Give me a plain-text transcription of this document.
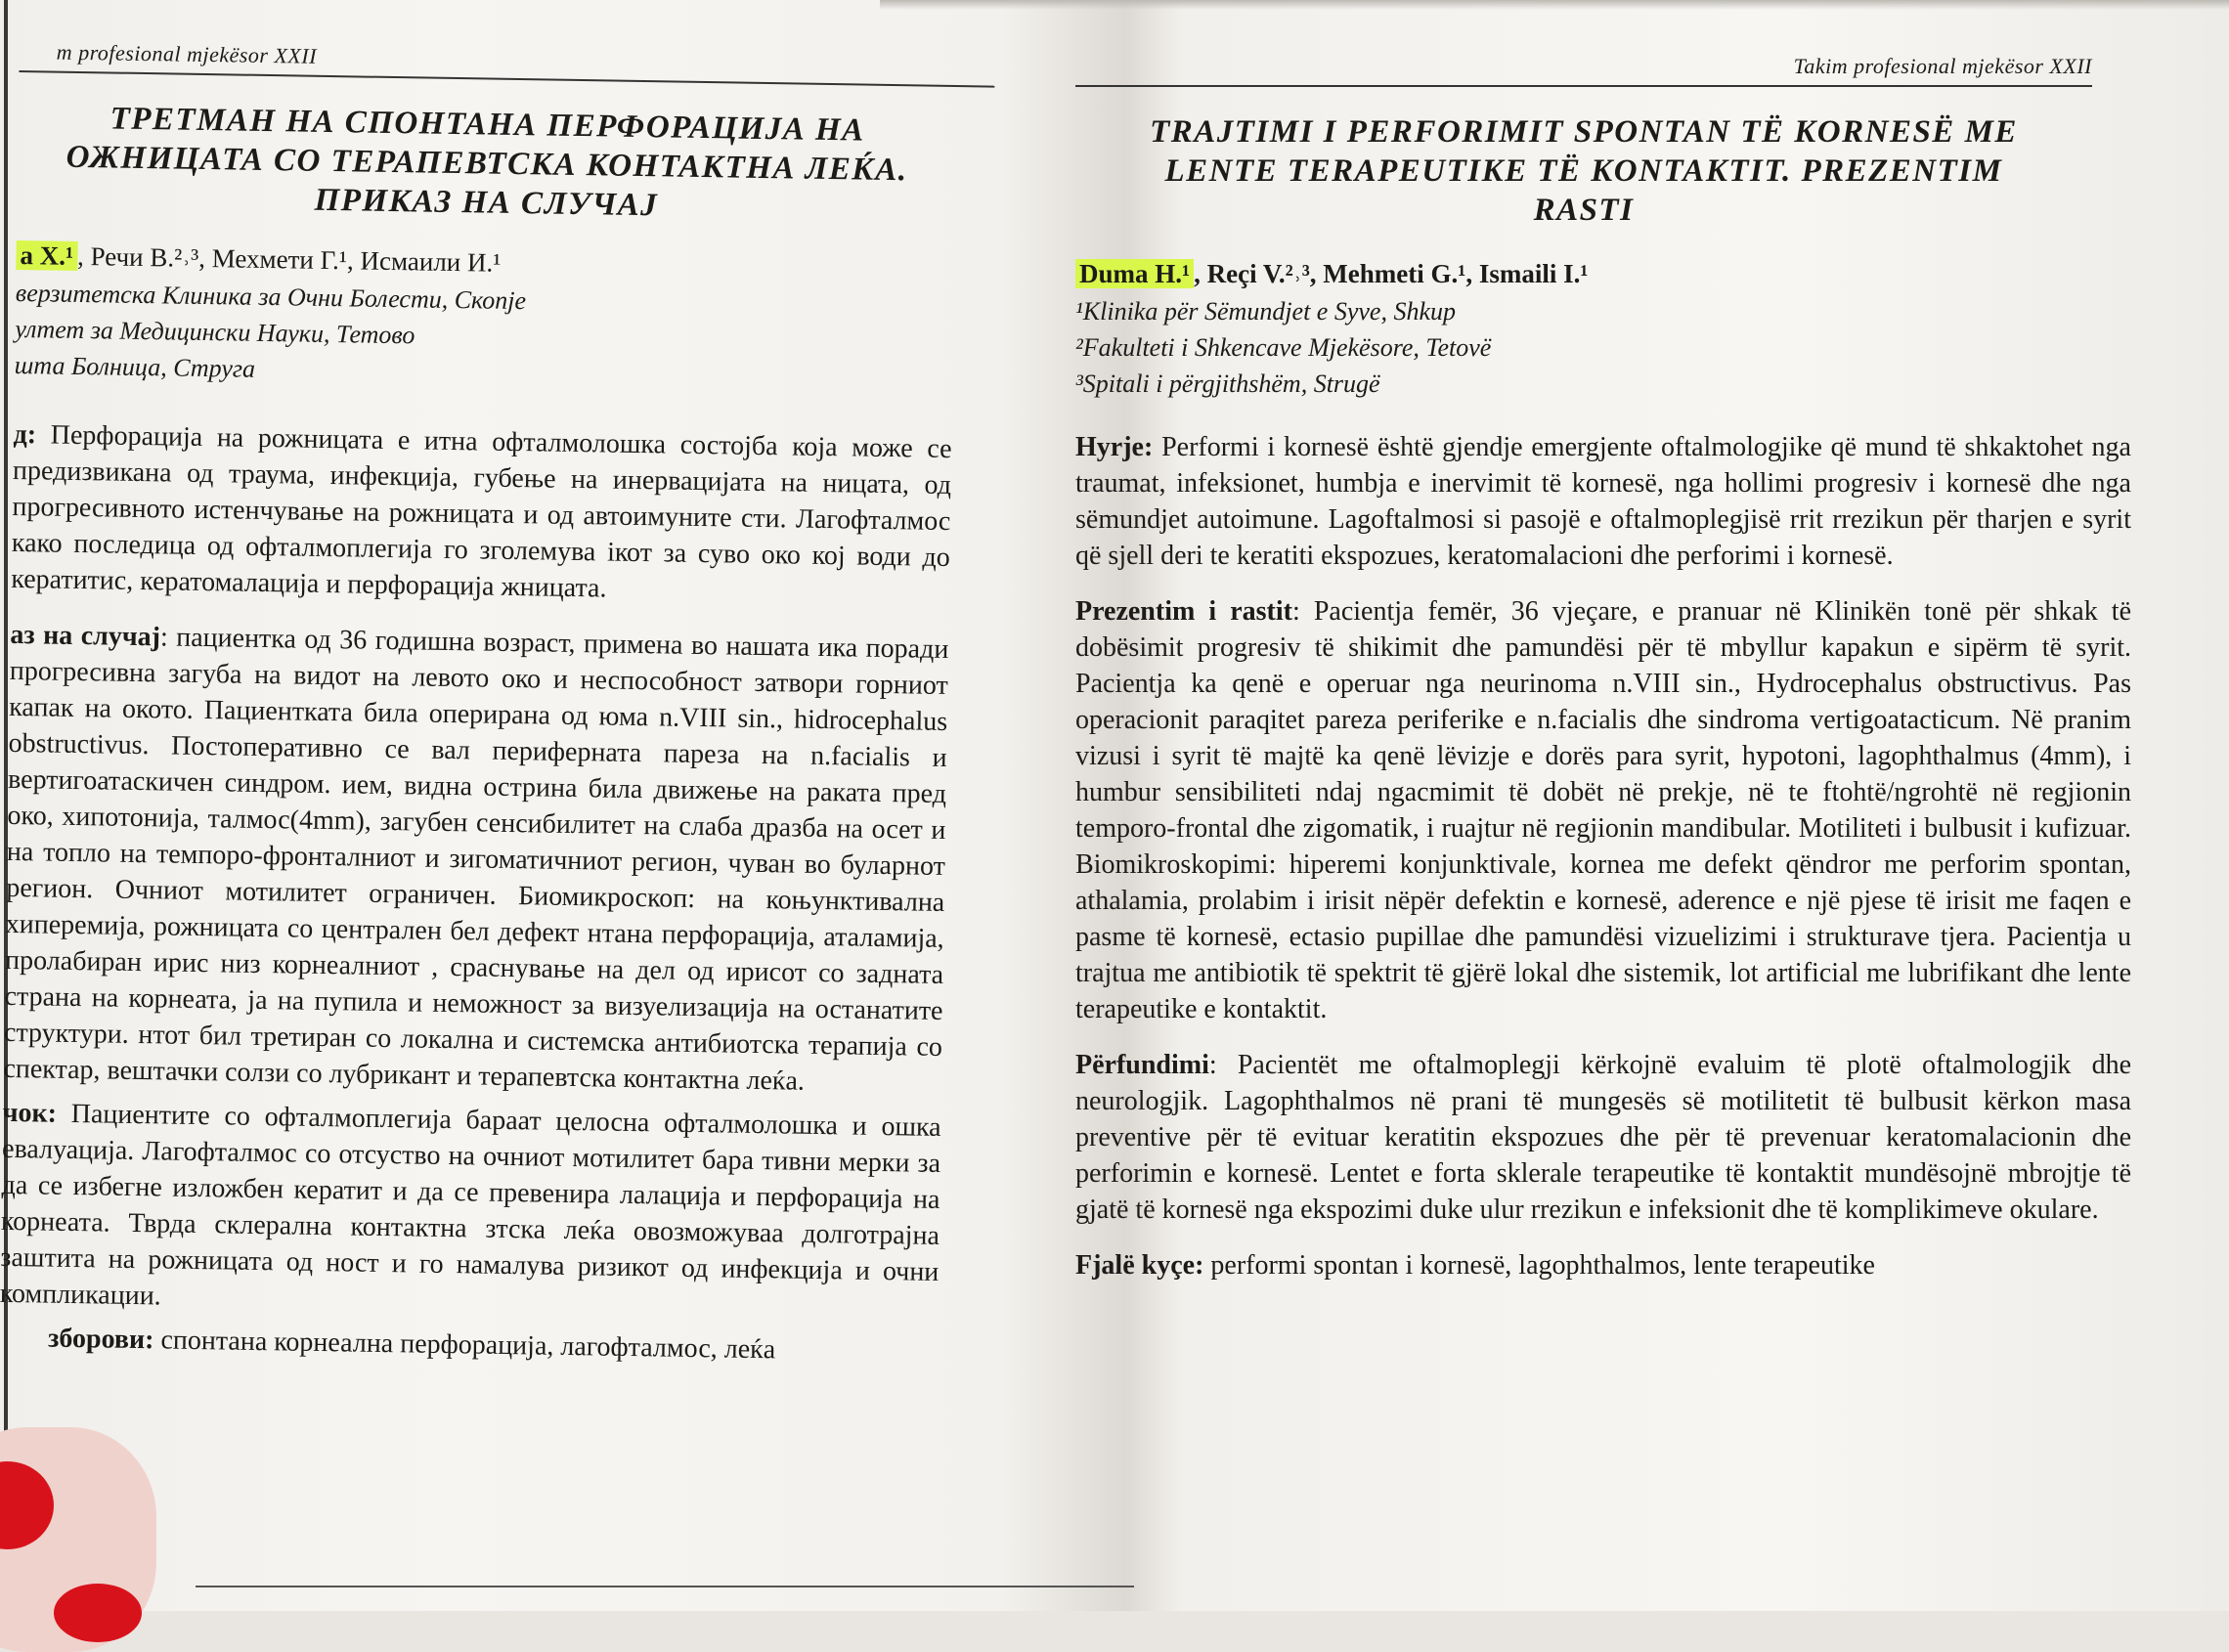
m profesional mjekësor XXII
ТРЕТМАН НА СПОНТАНА ПЕРФОРАЦИЈА НА
ОЖНИЦАТА СО ТЕРАПЕВТСКА КОНТАКТНА ЛЕЌА.
ПРИКАЗ НА СЛУЧАЈ
а Х.¹ , Речи В.²˒³, Мехмети Г.¹, Исмаили И.¹
верзитетска Клиника за Очни Болести, Скопје
ултет за Медицински Науки, Тетово
шта Болница, Струга
д: Перфорација на рожницата е итна офталмолошка состојба која може се предизвикана од траума, инфекција, губење на инервацијата на ницата, од прогресивното истенчување на рожницата и од автоимуните сти. Лагофталмос како последица од офталмоплегија го зголемува ікот за суво око кој води до кератитис, кератомалација и перфорација жницата.
аз на случај: пациентка од 36 годишна возраст, примена во нашата ика поради прогресивна загуба на видот на левото око и неспособност затвори горниот капак на окото. Пациентката била оперирана од юма n.VIII sin., hidrocephalus obstructivus. Постоперативно се вал периферната пареза на n.facialis и вертигоатаскичен синдром. ием, видна острина била движење на раката пред око, хипотонија, талмос(4mm), загубен сенсибилитет на слаба дразба на осет и на топло на темпоро-фронталниот и зигоматичниот регион, чуван во буларнот регион. Очниот мотилитет ограничен. Биомикроскоп: на коњунктивална хиперемија, рожницата со централен бел дефект нтана перфорација, аталамија, пролабиран ирис низ корнеалниот , сраснување на дел од ирисот со задната страна на корнеата, ја на пупила и неможност за визуелизација на останатите структури. нтот бил третиран со локална и системска антибиотска терапија со спектар, вештачки солзи со лубрикант и терапевтска контактна леќа.
чок: Пациентите со офталмоплегија бараат целосна офталмолошка и ошка евалуација. Лагофталмос со отсуство на очниот мотилитет бара тивни мерки за да се избегне изложбен кератит и да се превенира лалација и перфорација на корнеата. Тврда склерална контактна зтска леќа овозможуваа долготрајна заштита на рожницата од ност и го намалува ризикот од инфекција и очни компликации.
зборови: спонтана корнеална перфорација, лагофталмос, леќа
Takim profesional mjekësor XXII
TRAJTIMI I PERFORIMIT SPONTAN TË KORNESË ME
LENTE TERAPEUTIKE TË KONTAKTIT. PREZENTIM
RASTI
Duma H.¹ , Reçi V.²˒³, Mehmeti G.¹, Ismaili I.¹
¹Klinika për Sëmundjet e Syve, Shkup
²Fakulteti i Shkencave Mjekësore, Tetovë
³Spitali i përgjithshëm, Strugë
Hyrje: Performi i kornesë është gjendje emergjente oftalmologjike që mund të shkaktohet nga traumat, infeksionet, humbja e inervimit të kornesë, nga hollimi progresiv i kornesë dhe nga sëmundjet autoimune. Lagoftalmosi si pasojë e oftalmoplegjisë rrit rrezikun për tharjen e syrit që sjell deri te keratiti ekspozues, keratomalacioni dhe perforimi i kornesë.
Prezentim i rastit: Pacientja femër, 36 vjeçare, e pranuar në Klinikën tonë për shkak të dobësimit progresiv të shikimit dhe pamundësi për të mbyllur kapakun e sipërm të syrit. Pacientja ka qenë e operuar nga neurinoma n.VIII sin., Hydrocephalus obstructivus. Pas operacionit paraqitet pareza periferike e n.facialis dhe sindroma vertigoatacticum. Në pranim vizusi i syrit të majtë ka qenë lëvizje e dorës para syrit, hypotoni, lagophthalmus (4mm), i humbur sensibiliteti ndaj ngacmimit të dobët në prekje, në te ftohtë/ngrohtë në regjionin temporo-frontal dhe zigomatik, i ruajtur në regjionin mandibular. Motiliteti i bulbusit i kufizuar. Biomikroskopimi: hiperemi konjunktivale, kornea me defekt qëndror me perforim spontan, athalamia, prolabim i irisit nëpër defektin e kornesë, aderence e një pjese të irisit me faqen e pasme të kornesë, ectasio pupillae dhe pamundësi vizuelizimi i strukturave tjera. Pacientja u trajtua me antibiotik të spektrit të gjërë lokal dhe sistemik, lot artificial me lubrifikant dhe lente terapeutike e kontaktit.
Përfundimi: Pacientët me oftalmoplegji kërkojnë evaluim të plotë oftalmologjik dhe neurologjik. Lagophthalmos në prani të mungesës së motilitetit të bulbusit kërkon masa preventive për të evituar keratitin ekspozues dhe për të prevenuar keratomalacionin dhe perforimin e kornesë. Lentet e forta sklerale terapeutike të kontaktit mundësojnë mbrojtje të gjatë të kornesë nga ekspozimi duke ulur rrezikun e infeksionit dhe të komplikimeve okulare.
Fjalë kyçe: performi spontan i kornesë, lagophthalmos, lente terapeutike
